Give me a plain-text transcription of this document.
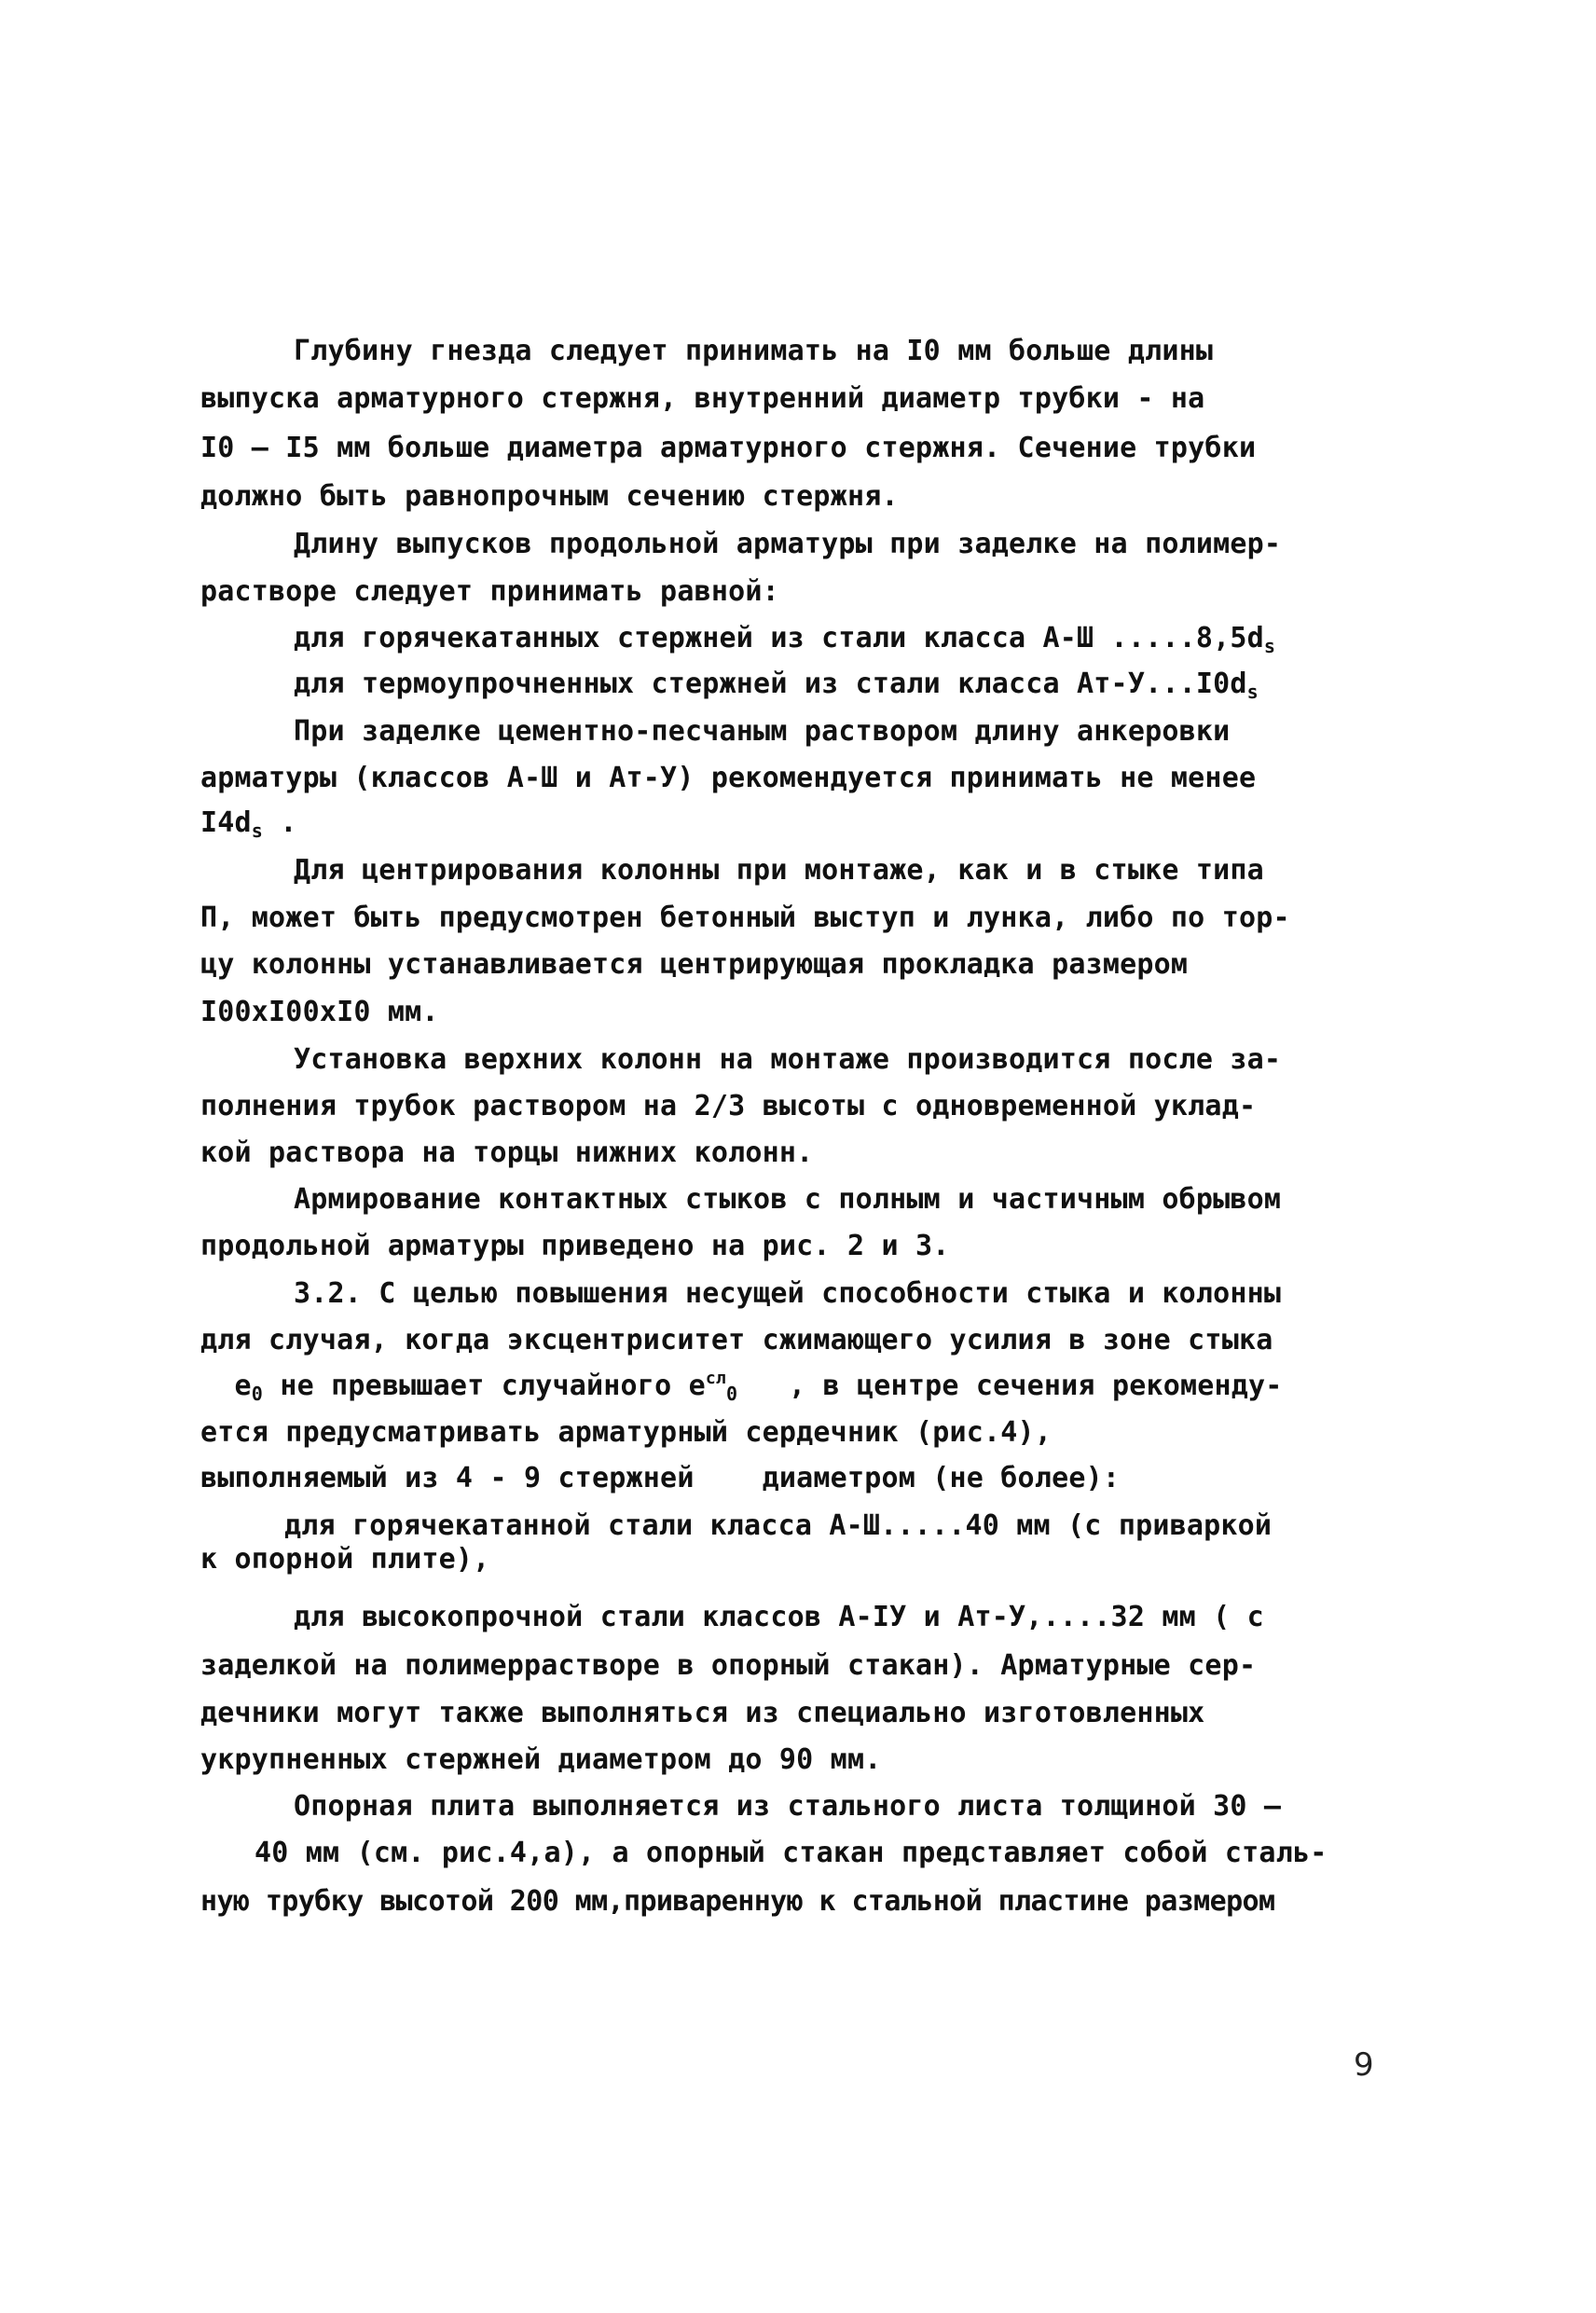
Глубину гнезда следует принимать на I0 мм больше длины
выпуска арматурного стержня, внутренний диаметр трубки - на
I0 — I5 мм больше диаметра арматурного стержня. Сечение трубки
должно быть равнопрочным сечению стержня.
Длину выпусков продольной арматуры при заделке на полимер-
растворе следует принимать равной:
для горячекатанных стержней из стали класса А-Ш $.....8,5d_s$
для термоупрочненных стержней из стали класса $Ат-У...I0d_s$
При заделке цементно-песчаным раствором длину анкеровки
арматуры (классов А-Ш и Ат-У) рекомендуется принимать не менее
$I4d_s$ .
Для центрирования колонны при монтаже, как и в стыке типа
П, может быть предусмотрен бетонный выступ и лунка, либо по тор-
цу колонны устанавливается центрирующая прокладка размером
I00xI00xI0 мм.
Установка верхних колонн на монтаже производится после за-
полнения трубок раствором на 2/3 высоты с одновременной уклад-
кой раствора на торцы нижних колонн.
Армирование контактных стыков с полным и частичным обрывом
продольной арматуры приведено на рис. 2 и 3.
3.2. С целью повышения несущей способности стыка и колонны
для случая, когда эксцентриситет сжимающего усилия в зоне стыка
$e_0$ не превышает случайного $e^{сл}_0$ , в центре сечения рекоменду-
ется предусматривать арматурный сердечник (рис.4),
выполняемый из 4 - 9 стержней    диаметром (не более):
для горячекатанной стали класса А-Ш.....40 мм (с приваркой
к опорной плите),
для высокопрочной стали классов А-IУ и Ат-У,....32 мм ( с
заделкой на полимеррастворе в опорный стакан). Арматурные сер-
дечники могут также выполняться из специально изготовленных
укрупненных стержней диаметром до 90 мм.
Опорная плита выполняется из стального листа толщиной 30 —
40 мм (см. рис.4,а), а опорный стакан представляет собой сталь-
ную трубку высотой 200 мм,приваренную к стальной пластине размером
9
